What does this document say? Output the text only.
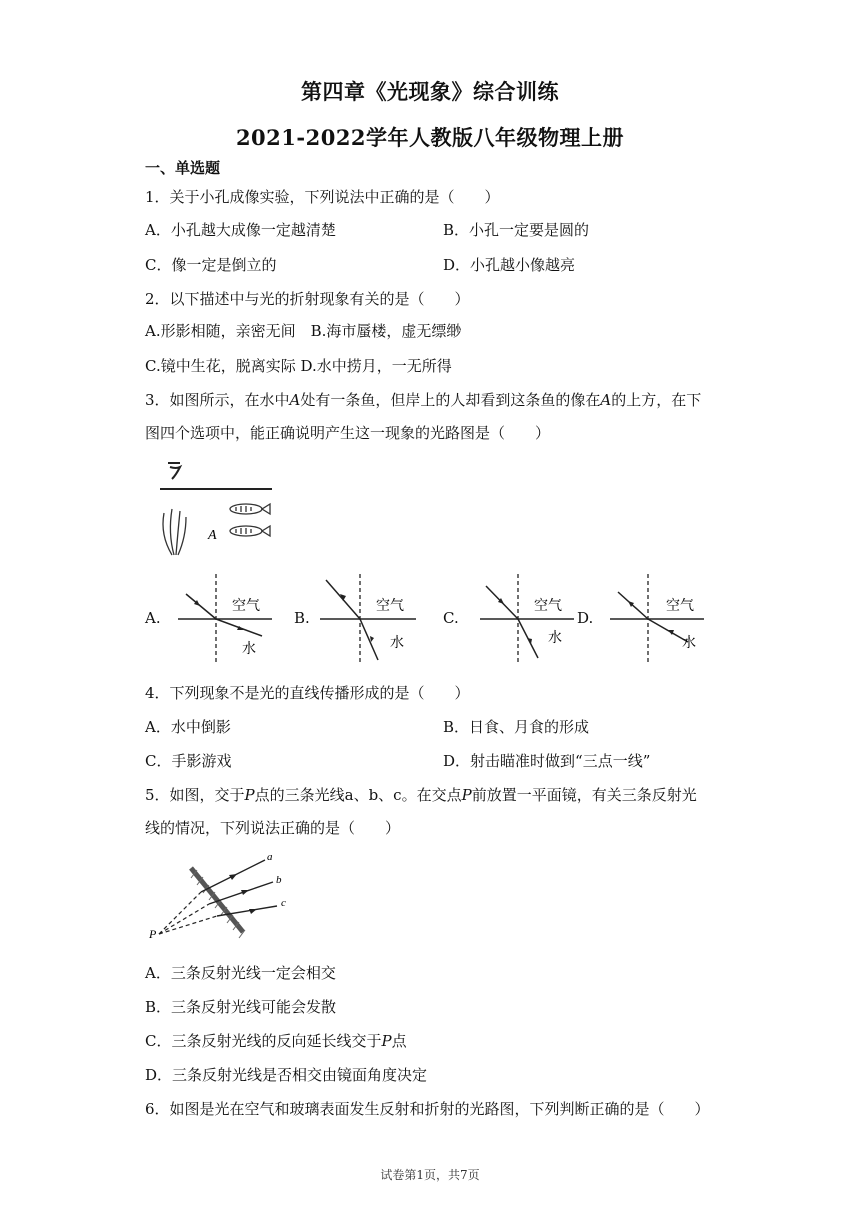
第四章《光现象》综合训练
2021-2022学年人教版八年级物理上册
一、单选题
1．关于小孔成像实验，下列说法中正确的是（　　）
A．小孔越大成像一定越清楚	B．小孔一定要是圆的
C．像一定是倒立的	D．小孔越小像越亮
2．以下描述中与光的折射现象有关的是（　　）
A.形影相随，亲密无间　B.海市蜃楼，虚无缥缈
C.镜中生花，脱离实际 D.水中捞月，一无所得
3．如图所示，在水中A处有一条鱼，但岸上的人却看到这条鱼的像在A的上方，在下
图四个选项中，能正确说明产生这一现象的光路图是（　　）
A
A.
空气
水
B.
空气
水
C.
空气
水
D.
空气
水
4．下列现象不是光的直线传播形成的是（　　）
A．水中倒影	B．日食、月食的形成
C．手影游戏	D．射击瞄准时做到“三点一线”
5．如图，交于P点的三条光线a、b、c。在交点P前放置一平面镜，有关三条反射光
线的情况，下列说法正确的是（　　）
P
a
b
c
A．三条反射光线一定会相交
B．三条反射光线可能会发散
C．三条反射光线的反向延长线交于P点
D．三条反射光线是否相交由镜面角度决定
6．如图是光在空气和玻璃表面发生反射和折射的光路图，下列判断正确的是（　　）
试卷第1页，共7页
